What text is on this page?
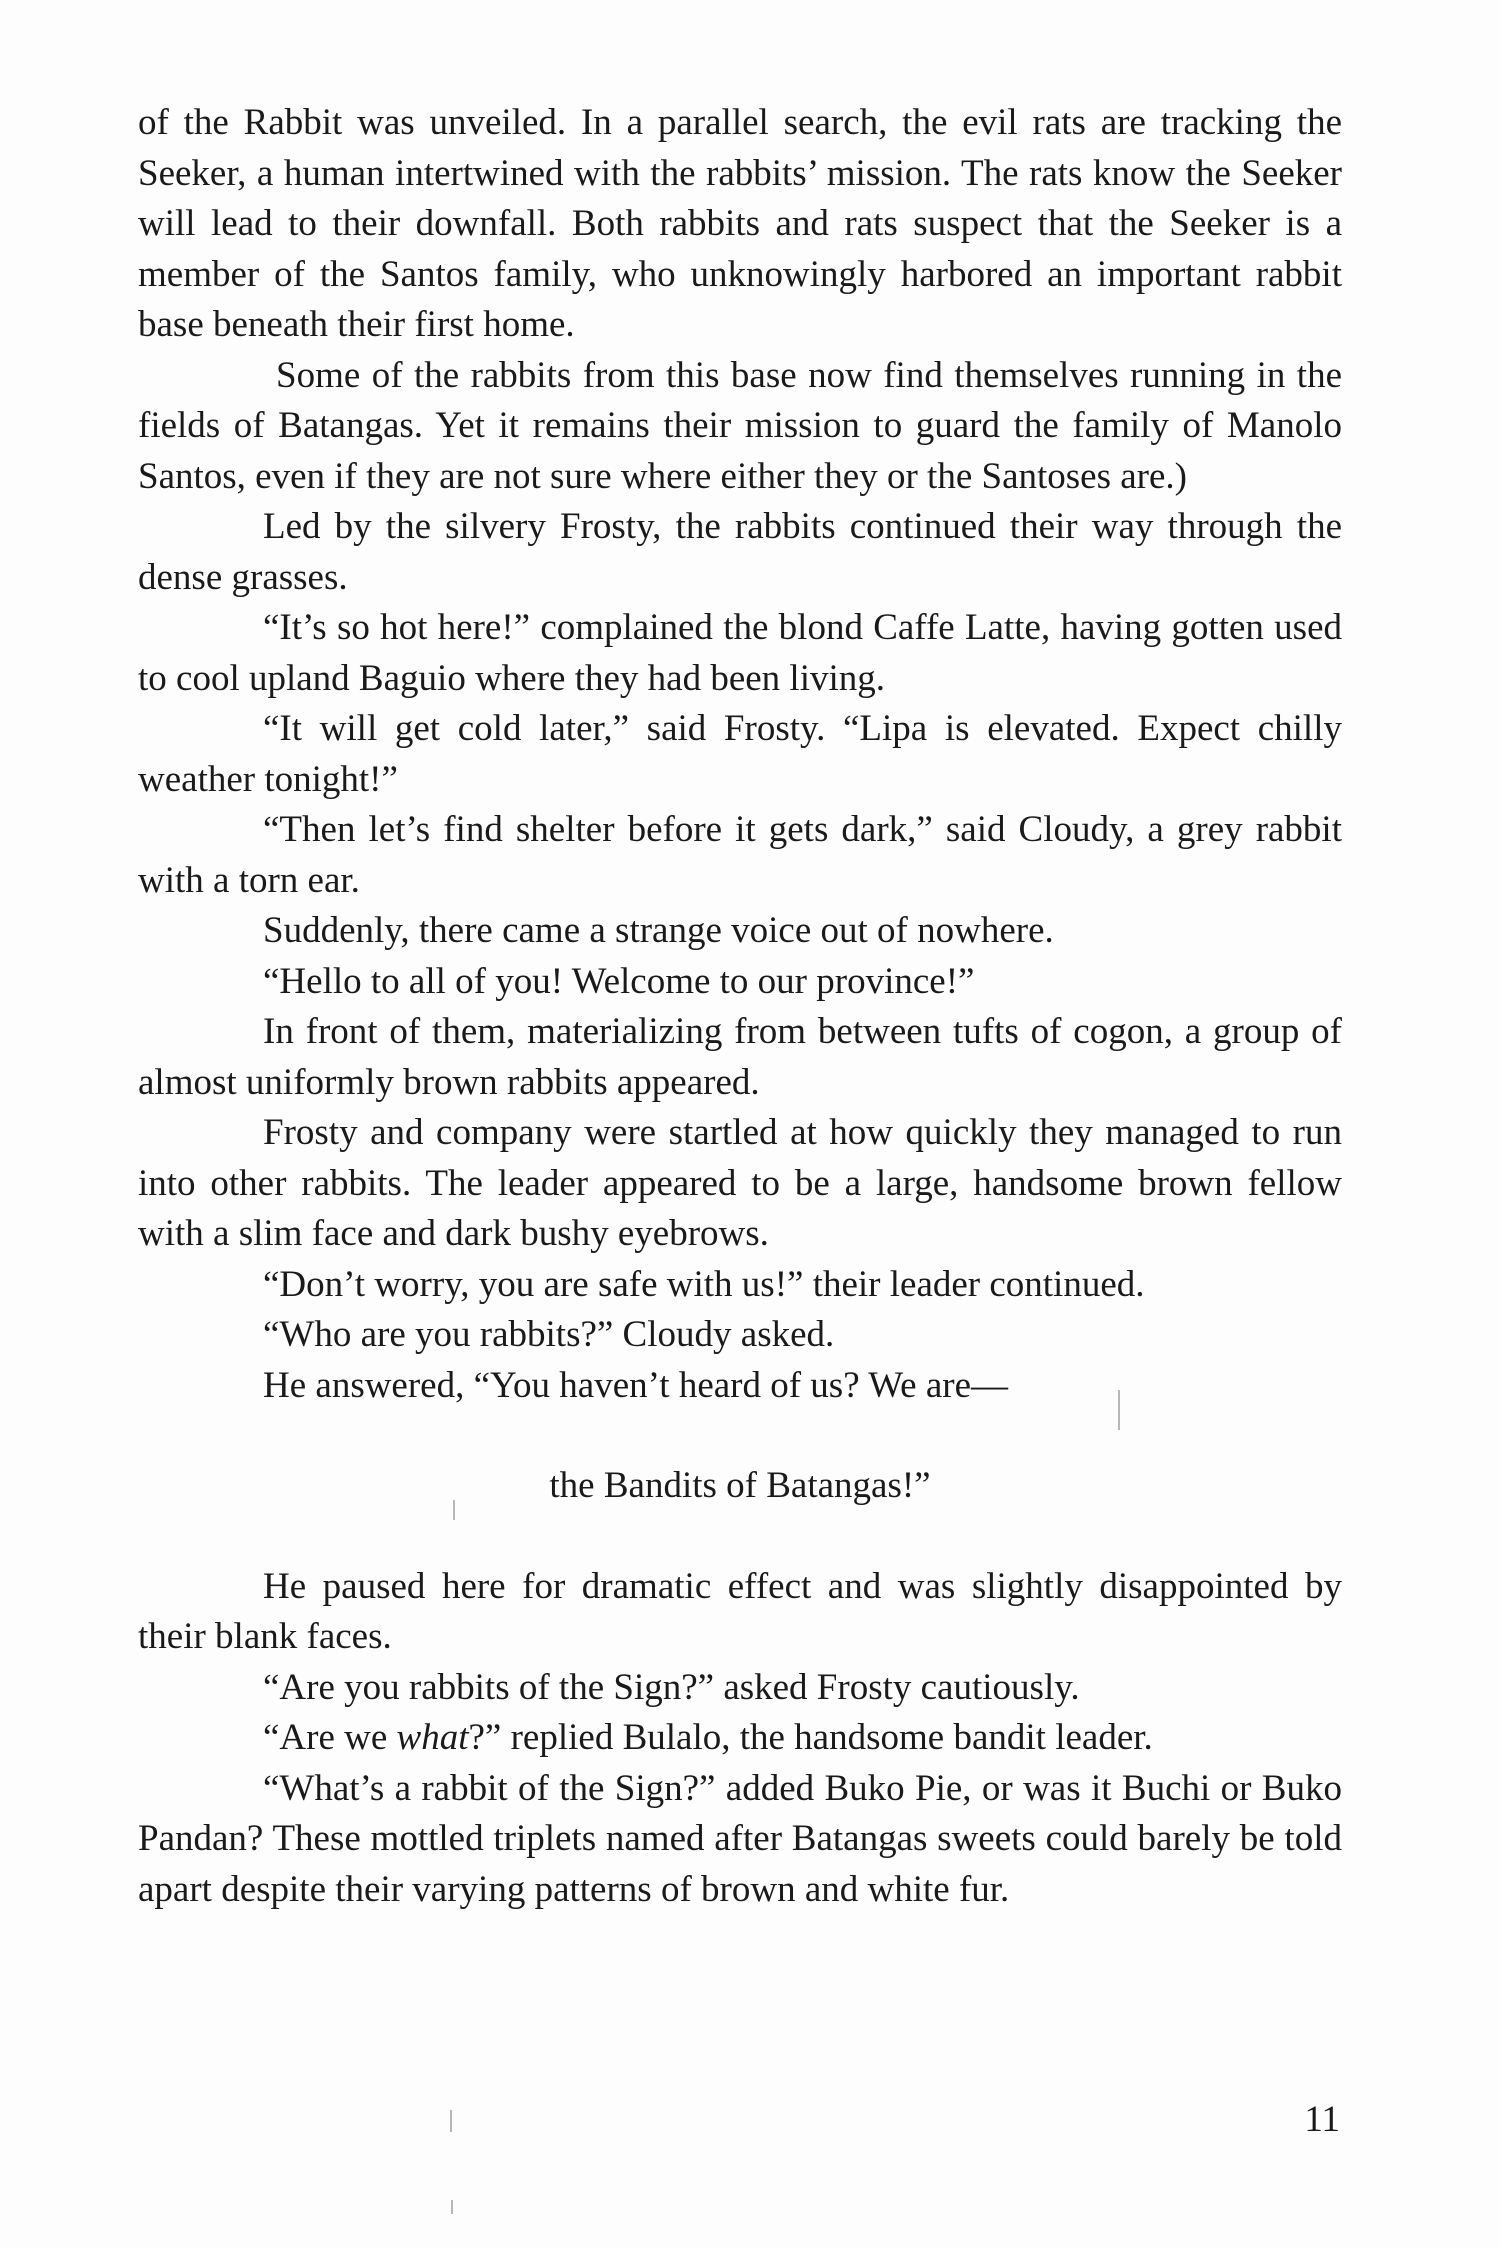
of the Rabbit was unveiled. In a parallel search, the evil rats are tracking the Seeker, a human intertwined with the rabbits’ mission. The rats know the Seeker will lead to their downfall. Both rabbits and rats suspect that the Seeker is a member of the Santos family, who unknowingly harbored an important rabbit base beneath their first home.

Some of the rabbits from this base now find themselves running in the fields of Batangas. Yet it remains their mission to guard the family of Manolo Santos, even if they are not sure where either they or the Santoses are.)

Led by the silvery Frosty, the rabbits continued their way through the dense grasses.

“It’s so hot here!” complained the blond Caffe Latte, having gotten used to cool upland Baguio where they had been living.

“It will get cold later,” said Frosty. “Lipa is elevated. Expect chilly weather tonight!”

“Then let’s find shelter before it gets dark,” said Cloudy, a grey rabbit with a torn ear.

Suddenly, there came a strange voice out of nowhere.

“Hello to all of you! Welcome to our province!”

In front of them, materializing from between tufts of cogon, a group of almost uniformly brown rabbits appeared.

Frosty and company were startled at how quickly they managed to run into other rabbits. The leader appeared to be a large, handsome brown fellow with a slim face and dark bushy eyebrows.

“Don’t worry, you are safe with us!” their leader continued.

“Who are you rabbits?” Cloudy asked.

He answered, “You haven’t heard of us? We are—

the Bandits of Batangas!”

He paused here for dramatic effect and was slightly disappointed by their blank faces.

“Are you rabbits of the Sign?” asked Frosty cautiously.

“Are we what?” replied Bulalo, the handsome bandit leader.

“What’s a rabbit of the Sign?” added Buko Pie, or was it Buchi or Buko Pandan? These mottled triplets named after Batangas sweets could barely be told apart despite their varying patterns of brown and white fur.

11
